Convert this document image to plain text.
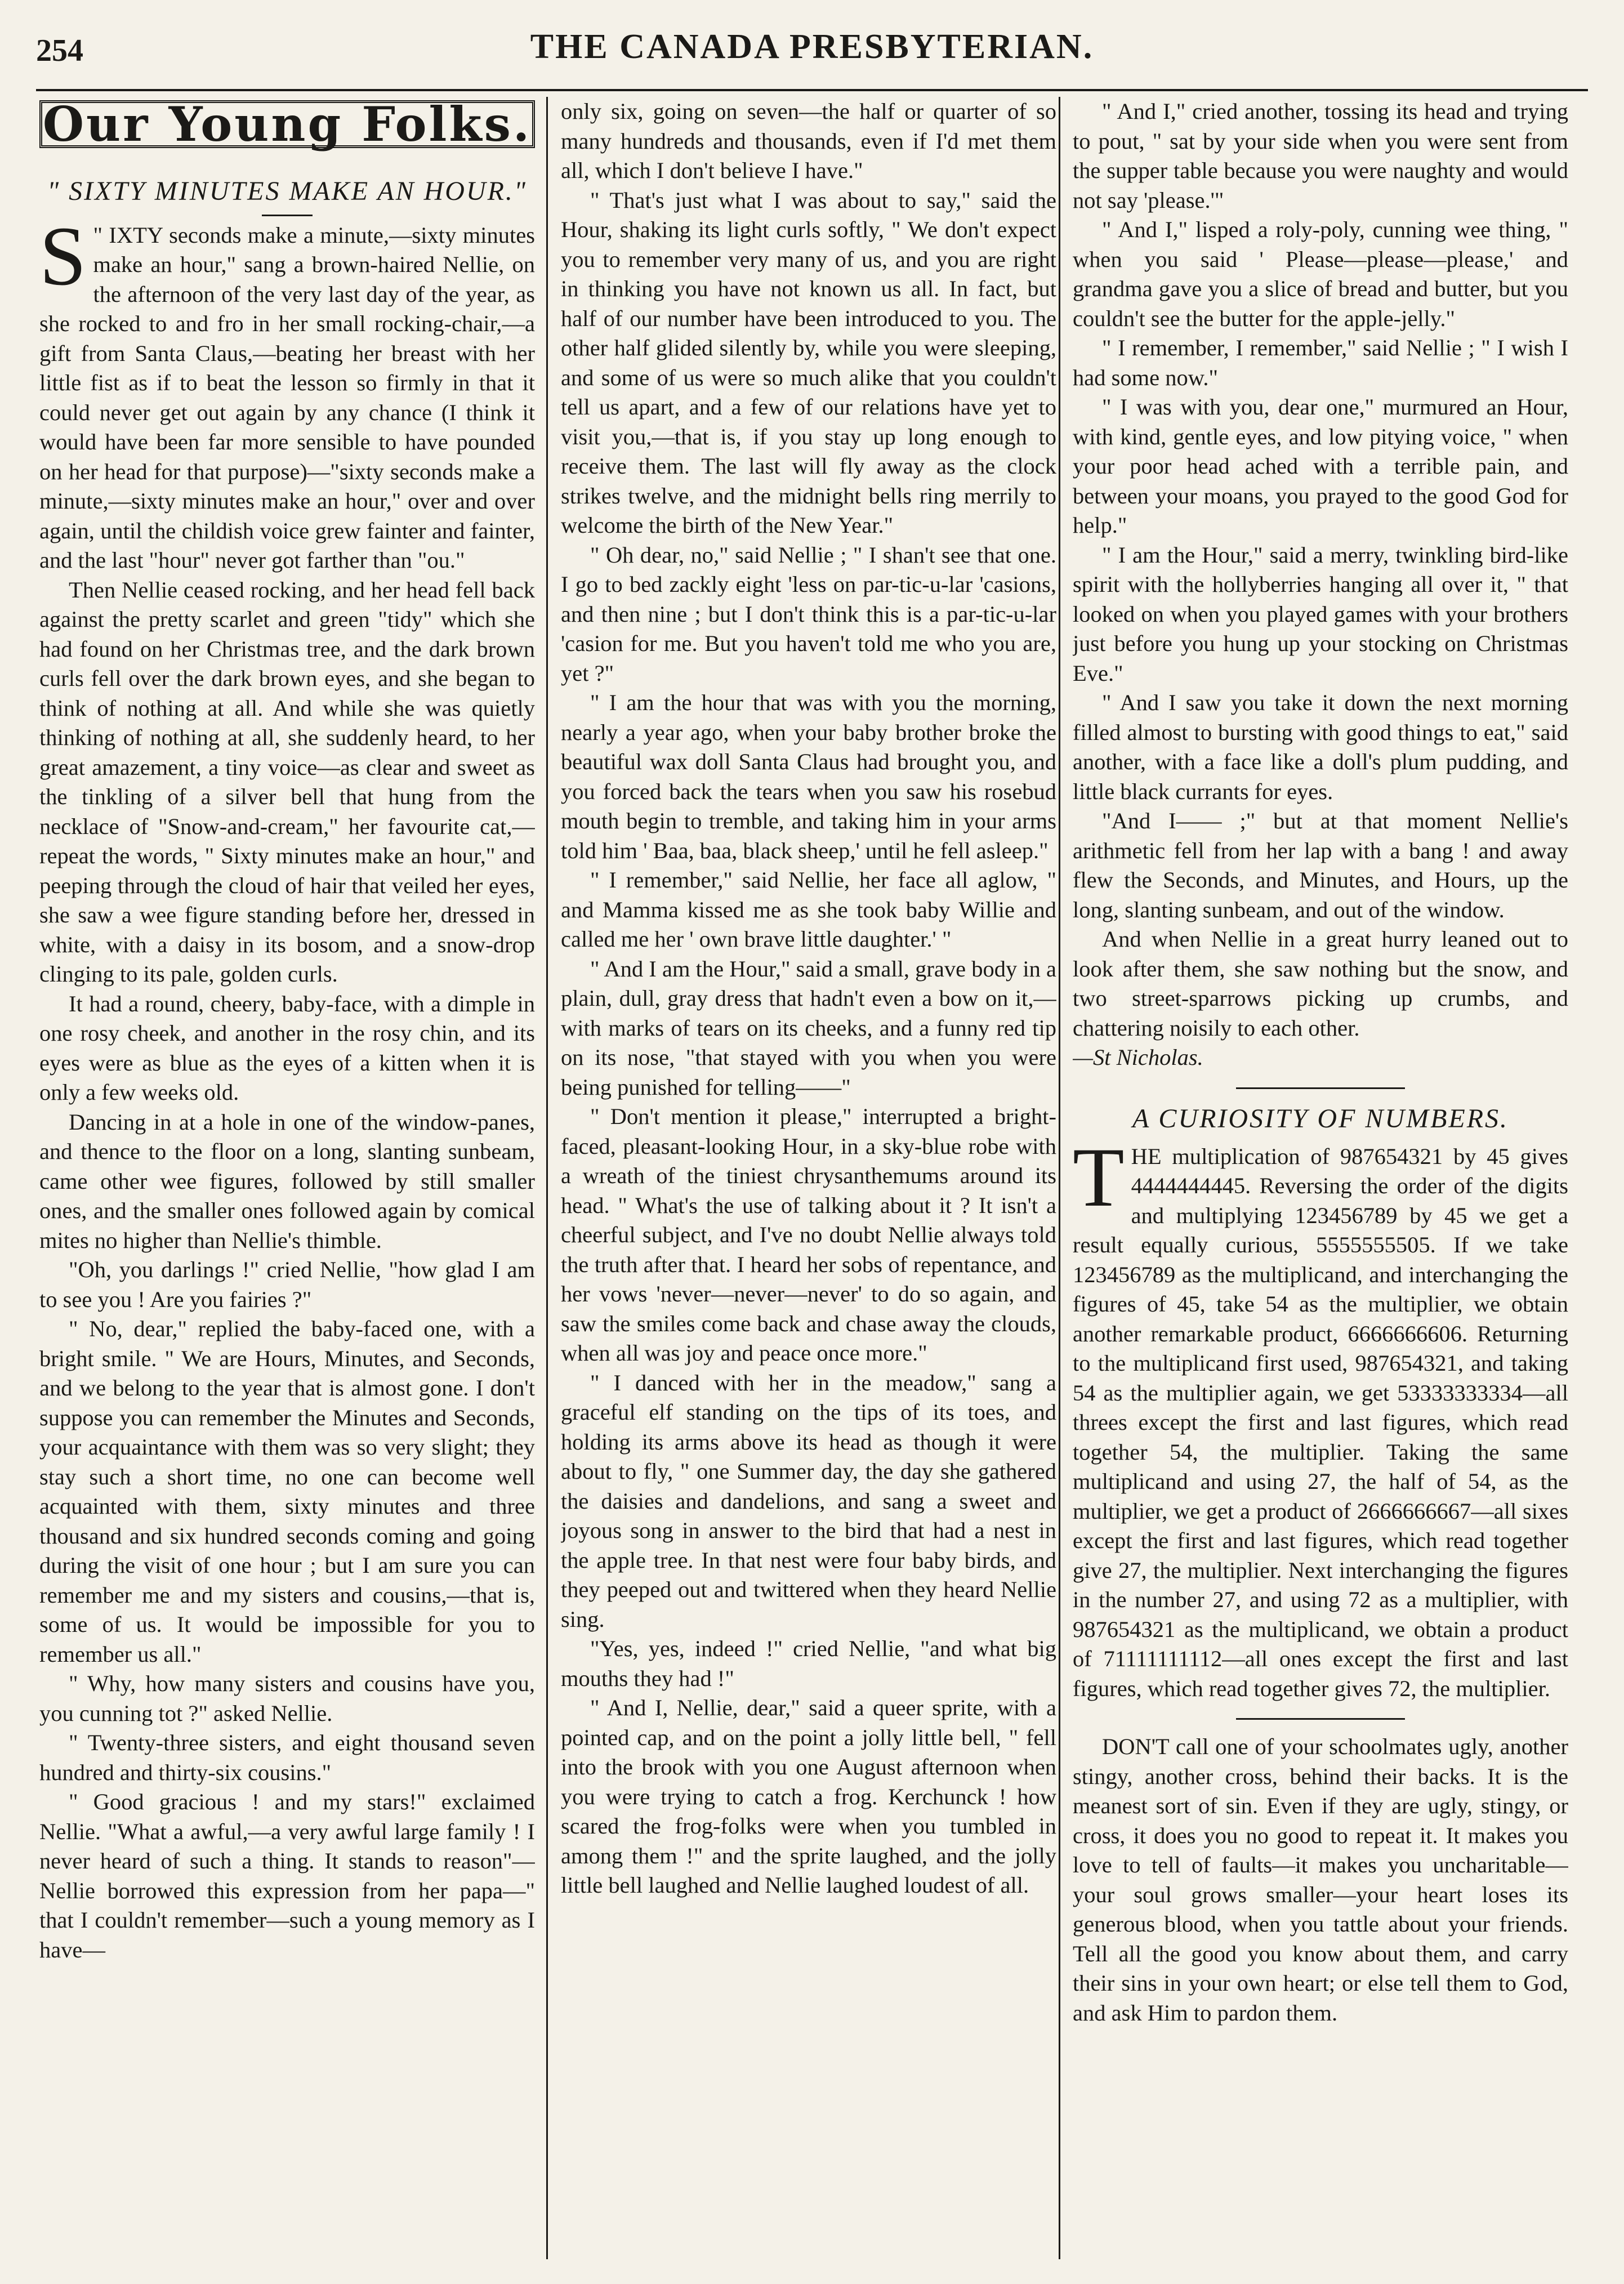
254	THE CANADA PRESBYTERIAN.
Our Young Folks.
" SIXTY MINUTES MAKE AN HOUR."
S " IXTY seconds make a minute,—sixty minutes make an hour," sang a brown-haired Nellie, on the afternoon of the very last day of the year, as she rocked to and fro in her small rocking-chair,—a gift from Santa Claus,—beating her breast with her little fist as if to beat the lesson so firmly in that it could never get out again by any chance (I think it would have been far more sensible to have pounded on her head for that purpose)—"sixty seconds make a minute,—sixty minutes make an hour," over and over again, until the childish voice grew fainter and fainter, and the last "hour" never got farther than "ou."

Then Nellie ceased rocking, and her head fell back against the pretty scarlet and green "tidy" which she had found on her Christmas tree, and the dark brown curls fell over the dark brown eyes, and she began to think of nothing at all. And while she was quietly thinking of nothing at all, she suddenly heard, to her great amazement, a tiny voice—as clear and sweet as the tinkling of a silver bell that hung from the necklace of "Snow-and-cream," her favourite cat,—repeat the words, " Sixty minutes make an hour," and peeping through the cloud of hair that veiled her eyes, she saw a wee figure standing before her, dressed in white, with a daisy in its bosom, and a snow-drop clinging to its pale, golden curls.

It had a round, cheery, baby-face, with a dimple in one rosy cheek, and another in the rosy chin, and its eyes were as blue as the eyes of a kitten when it is only a few weeks old.

Dancing in at a hole in one of the window-panes, and thence to the floor on a long, slanting sunbeam, came other wee figures, followed by still smaller ones, and the smaller ones followed again by comical mites no higher than Nellie's thimble.

"Oh, you darlings !" cried Nellie, "how glad I am to see you ! Are you fairies ?"

" No, dear," replied the baby-faced one, with a bright smile. " We are Hours, Minutes, and Seconds, and we belong to the year that is almost gone. I don't suppose you can remember the Minutes and Seconds, your acquaintance with them was so very slight; they stay such a short time, no one can become well acquainted with them, sixty minutes and three thousand and six hundred seconds coming and going during the visit of one hour ; but I am sure you can remember me and my sisters and cousins,—that is, some of us. It would be impossible for you to remember us all."

" Why, how many sisters and cousins have you, you cunning tot ?" asked Nellie.

" Twenty-three sisters, and eight thousand seven hundred and thirty-six cousins."

" Good gracious ! and my stars!" exclaimed Nellie. "What a awful,—a very awful large family ! I never heard of such a thing. It stands to reason"—Nellie borrowed this expression from her papa—" that I couldn't remember—such a young memory as I have—

only six, going on seven—the half or quarter of so many hundreds and thousands, even if I'd met them all, which I don't believe I have."

" That's just what I was about to say," said the Hour, shaking its light curls softly, " We don't expect you to remember very many of us, and you are right in thinking you have not known us all. In fact, but half of our number have been introduced to you. The other half glided silently by, while you were sleeping, and some of us were so much alike that you couldn't tell us apart, and a few of our relations have yet to visit you,—that is, if you stay up long enough to receive them. The last will fly away as the clock strikes twelve, and the midnight bells ring merrily to welcome the birth of the New Year."

" Oh dear, no," said Nellie ; " I shan't see that one. I go to bed zackly eight 'less on par-tic-u-lar 'casions, and then nine ; but I don't think this is a par-tic-u-lar 'casion for me. But you haven't told me who you are, yet ?"

" I am the hour that was with you the morning, nearly a year ago, when your baby brother broke the beautiful wax doll Santa Claus had brought you, and you forced back the tears when you saw his rosebud mouth begin to tremble, and taking him in your arms told him ' Baa, baa, black sheep,' until he fell asleep."

" I remember," said Nellie, her face all aglow, " and Mamma kissed me as she took baby Willie and called me her ' own brave little daughter.' "

" And I am the Hour," said a small, grave body in a plain, dull, gray dress that hadn't even a bow on it,—with marks of tears on its cheeks, and a funny red tip on its nose, "that stayed with you when you were being punished for telling——"

" Don't mention it please," interrupted a bright-faced, pleasant-looking Hour, in a sky-blue robe with a wreath of the tiniest chrysanthemums around its head. " What's the use of talking about it ? It isn't a cheerful subject, and I've no doubt Nellie always told the truth after that. I heard her sobs of repentance, and her vows 'never—never—never' to do so again, and saw the smiles come back and chase away the clouds, when all was joy and peace once more."

" I danced with her in the meadow," sang a graceful elf standing on the tips of its toes, and holding its arms above its head as though it were about to fly, " one Summer day, the day she gathered the daisies and dandelions, and sang a sweet and joyous song in answer to the bird that had a nest in the apple tree. In that nest were four baby birds, and they peeped out and twittered when they heard Nellie sing.

"Yes, yes, indeed !" cried Nellie, "and what big mouths they had !"

" And I, Nellie, dear," said a queer sprite, with a pointed cap, and on the point a jolly little bell, " fell into the brook with you one August afternoon when you were trying to catch a frog. Kerchunck ! how scared the frog-folks were when you tumbled in among them !" and the sprite laughed, and the jolly little bell laughed and Nellie laughed loudest of all.

" And I," cried another, tossing its head and trying to pout, " sat by your side when you were sent from the supper table because you were naughty and would not say 'please.'"

" And I," lisped a roly-poly, cunning wee thing, " when you said ' Please—please—please,' and grandma gave you a slice of bread and butter, but you couldn't see the butter for the apple-jelly."

" I remember, I remember," said Nellie ; " I wish I had some now."

" I was with you, dear one," murmured an Hour, with kind, gentle eyes, and low pitying voice, " when your poor head ached with a terrible pain, and between your moans, you prayed to the good God for help."

" I am the Hour," said a merry, twinkling bird-like spirit with the hollyberries hanging all over it, " that looked on when you played games with your brothers just before you hung up your stocking on Christmas Eve."

" And I saw you take it down the next morning filled almost to bursting with good things to eat," said another, with a face like a doll's plum pudding, and little black currants for eyes.

"And I—— ;" but at that moment Nellie's arithmetic fell from her lap with a bang ! and away flew the Seconds, and Minutes, and Hours, up the long, slanting sunbeam, and out of the window.

And when Nellie in a great hurry leaned out to look after them, she saw nothing but the snow, and two street-sparrows picking up crumbs, and chattering noisily to each other.

—St Nicholas.

A CURIOSITY OF NUMBERS.
T HE multiplication of 987654321 by 45 gives 4444444445. Reversing the order of the digits and multiplying 123456789 by 45 we get a result equally curious, 5555555505. If we take 123456789 as the multiplicand, and interchanging the figures of 45, take 54 as the multiplier, we obtain another remarkable product, 6666666606. Returning to the multiplicand first used, 987654321, and taking 54 as the multiplier again, we get 53333333334—all threes except the first and last figures, which read together 54, the multiplier. Taking the same multiplicand and using 27, the half of 54, as the multiplier, we get a product of 2666666667—all sixes except the first and last figures, which read together give 27, the multiplier. Next interchanging the figures in the number 27, and using 72 as a multiplier, with 987654321 as the multiplicand, we obtain a product of 71111111112—all ones except the first and last figures, which read together gives 72, the multiplier.

DON'T call one of your schoolmates ugly, another stingy, another cross, behind their backs. It is the meanest sort of sin. Even if they are ugly, stingy, or cross, it does you no good to repeat it. It makes you love to tell of faults—it makes you uncharitable—your soul grows smaller—your heart loses its generous blood, when you tattle about your friends. Tell all the good you know about them, and carry their sins in your own heart; or else tell them to God, and ask Him to pardon them.
